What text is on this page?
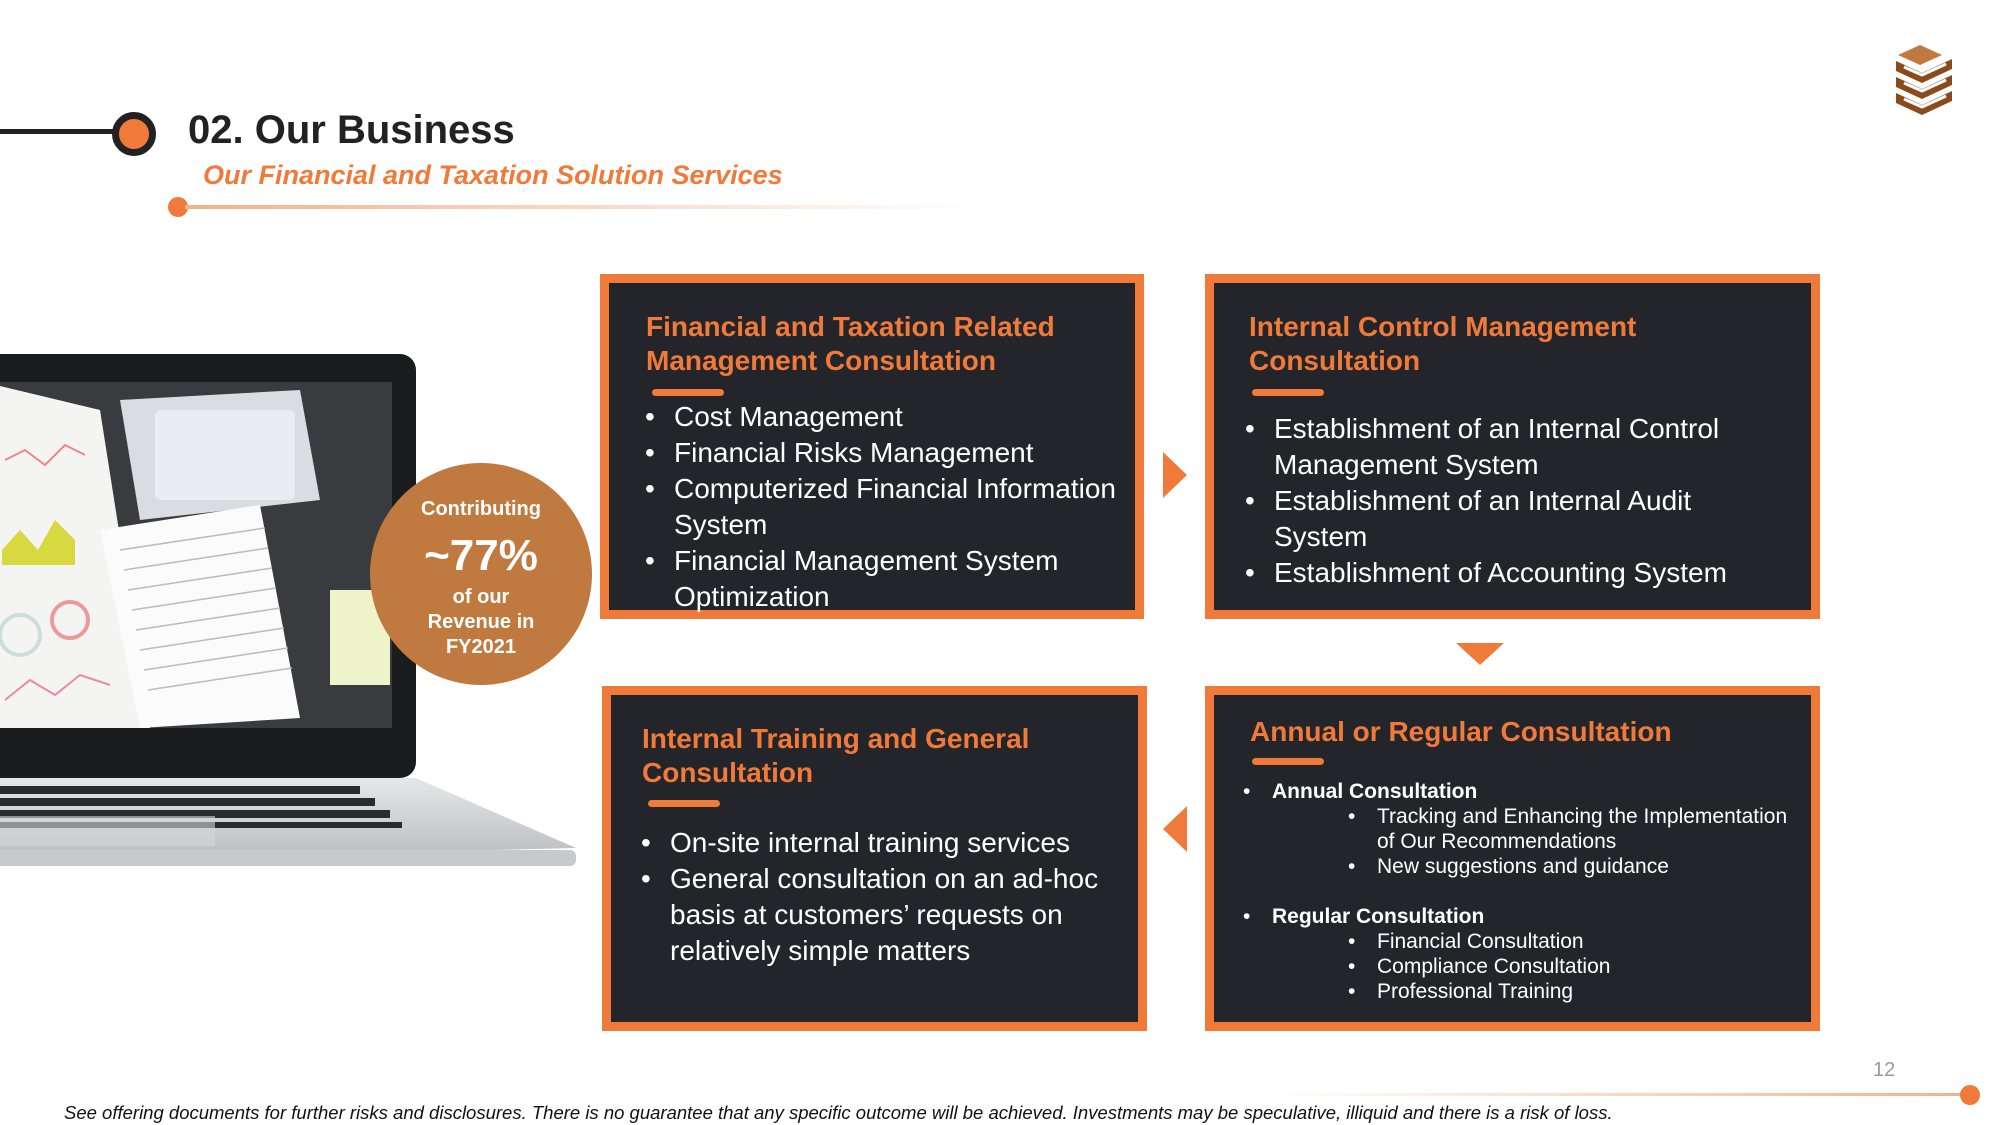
02. Our Business
Our Financial and Taxation Solution Services
Contributing
~77%
of our Revenue in FY2021
Financial and Taxation Related Management Consultation
• Cost Management
• Financial Risks Management
• Computerized Financial Information System
• Financial Management System Optimization
Internal Control Management Consultation
• Establishment of an Internal Control Management System
• Establishment of an Internal Audit System
• Establishment of Accounting System
Internal Training and General Consultation
• On-site internal training services
• General consultation on an ad-hoc basis at customers’ requests on relatively simple matters
Annual or Regular Consultation
• Annual Consultation
• Tracking and Enhancing the Implementation of Our Recommendations
• New suggestions and guidance
• Regular Consultation
• Financial Consultation
• Compliance Consultation
• Professional Training
12
See offering documents for further risks and disclosures. There is no guarantee that any specific outcome will be achieved. Investments may be speculative, illiquid and there is a risk of loss.
